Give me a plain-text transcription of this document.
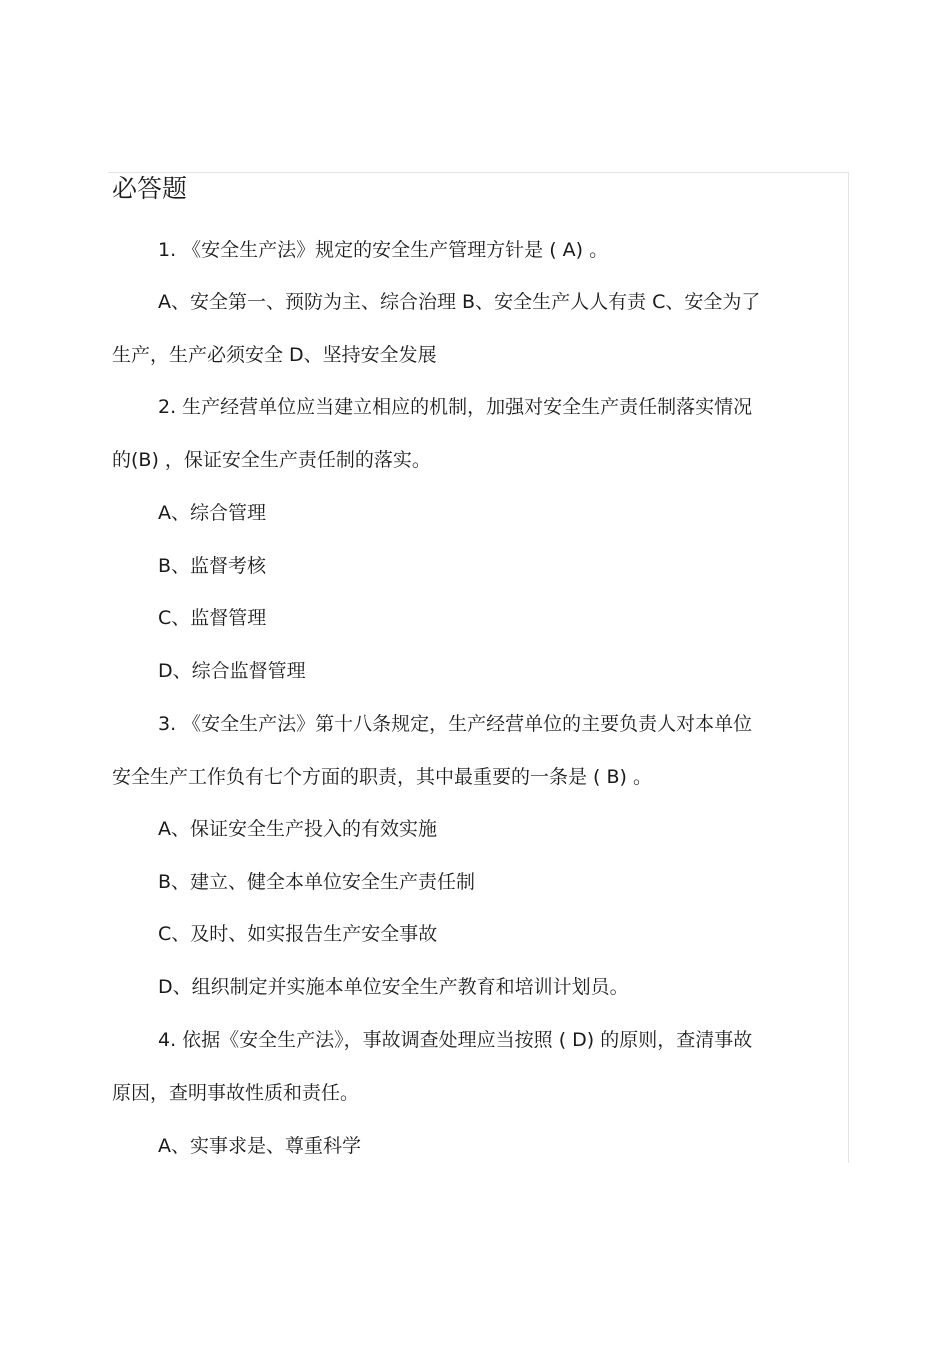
必答题
1. 《安全生产法》规定的安全生产管理方针是 ( A) 。
A、安全第一、预防为主、综合治理 B、安全生产人人有责 C、安全为了
生产，生产必须安全 D、坚持安全发展
2. 生产经营单位应当建立相应的机制，加强对安全生产责任制落实情况
的(B) ，保证安全生产责任制的落实。
A、综合管理
B、监督考核
C、监督管理
D、综合监督管理
3. 《安全生产法》第十八条规定，生产经营单位的主要负责人对本单位
安全生产工作负有七个方面的职责，其中最重要的一条是 ( B) 。
A、保证安全生产投入的有效实施
B、建立、健全本单位安全生产责任制
C、及时、如实报告生产安全事故
D、组织制定并实施本单位安全生产教育和培训计划员。
4. 依据《安全生产法》，事故调查处理应当按照 ( D) 的原则，查清事故
原因，查明事故性质和责任。
A、实事求是、尊重科学
